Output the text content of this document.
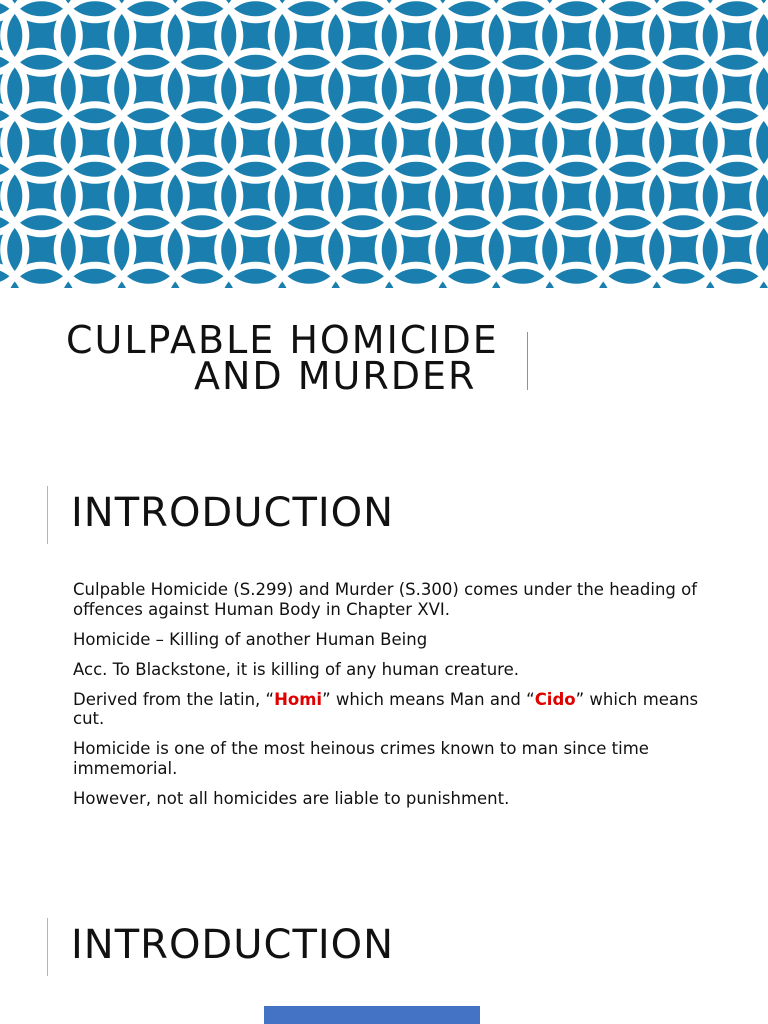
CULPABLE HOMICIDE
AND MURDER
INTRODUCTION

Culpable Homicide (S.299) and Murder (S.300) comes under the heading of offences against Human Body in Chapter XVI.

Homicide – Killing of another Human Being

Acc. To Blackstone, it is killing of any human creature.

Derived from the latin, “Homi” which means Man and “Cido” which means cut.

Homicide is one of the most heinous crimes known to man since time immemorial.

However, not all homicides are liable to punishment.

INTRODUCTION
